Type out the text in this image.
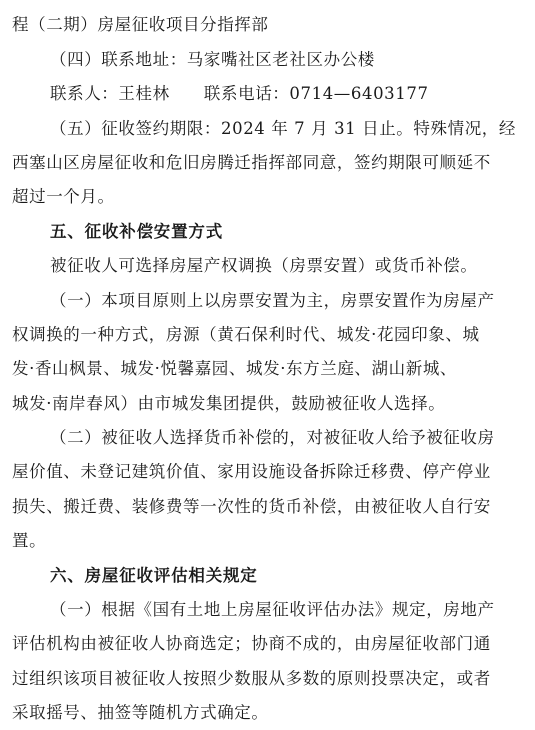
程（二期）房屋征收项目分指挥部
（四）联系地址：马家嘴社区老社区办公楼
联系人：王桂林　　联系电话：0714—6403177
（五）征收签约期限：2024 年 7 月 31 日止。特殊情况，经
西塞山区房屋征收和危旧房腾迁指挥部同意，签约期限可顺延不
超过一个月。
五、征收补偿安置方式
被征收人可选择房屋产权调换（房票安置）或货币补偿。
（一）本项目原则上以房票安置为主，房票安置作为房屋产
权调换的一种方式，房源（黄石保利时代、城发·花园印象、城
发·香山枫景、城发·悦馨嘉园、城发·东方兰庭、湖山新城、
城发·南岸春风）由市城发集团提供，鼓励被征收人选择。
（二）被征收人选择货币补偿的，对被征收人给予被征收房
屋价值、未登记建筑价值、家用设施设备拆除迁移费、停产停业
损失、搬迁费、装修费等一次性的货币补偿，由被征收人自行安
置。
六、房屋征收评估相关规定
（一）根据《国有土地上房屋征收评估办法》规定，房地产
评估机构由被征收人协商选定；协商不成的，由房屋征收部门通
过组织该项目被征收人按照少数服从多数的原则投票决定，或者
采取摇号、抽签等随机方式确定。
